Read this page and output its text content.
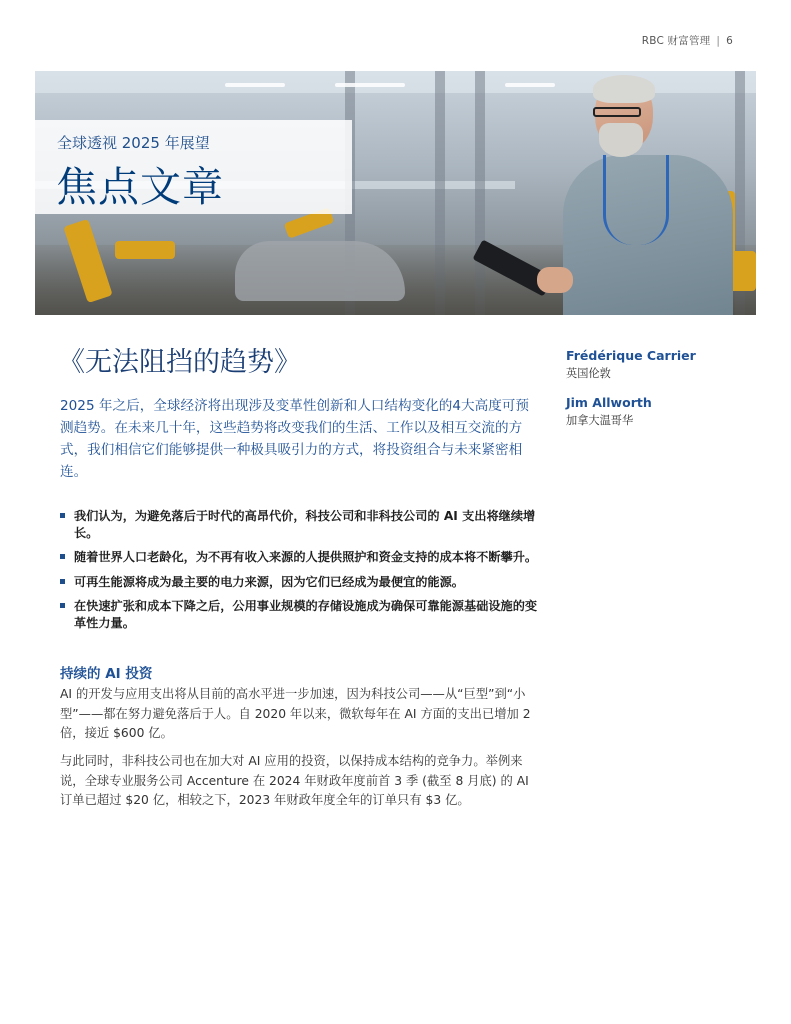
RBC 财富管理 | 6
全球透视 2025 年展望
焦点文章
《无法阻挡的趋势》
2025 年之后，全球经济将出现涉及变革性创新和人口结构变化的4大高度可预测趋势。在未来几十年，这些趋势将改变我们的生活、工作以及相互交流的方式，我们相信它们能够提供一种极具吸引力的方式，将投资组合与未来紧密相连。
我们认为，为避免落后于时代的高昂代价，科技公司和非科技公司的 AI 支出将继续增长。
随着世界人口老龄化，为不再有收入来源的人提供照护和资金支持的成本将不断攀升。
可再生能源将成为最主要的电力来源，因为它们已经成为最便宜的能源。
在快速扩张和成本下降之后，公用事业规模的存储设施成为确保可靠能源基础设施的变革性力量。
持续的 AI 投资

AI 的开发与应用支出将从目前的高水平进一步加速，因为科技公司——从“巨型”到“小型”——都在努力避免落后于人。自 2020 年以来，微软每年在 AI 方面的支出已增加 2 倍，接近 $600 亿。

与此同时，非科技公司也在加大对 AI 应用的投资，以保持成本结构的竞争力。举例来说，全球专业服务公司 Accenture 在 2024 年财政年度前首 3 季 (截至 8 月底) 的 AI 订单已超过 $20 亿，相较之下，2023 年财政年度全年的订单只有 $3 亿。

Frédérique Carrier
英国伦敦
Jim Allworth
加拿大温哥华
